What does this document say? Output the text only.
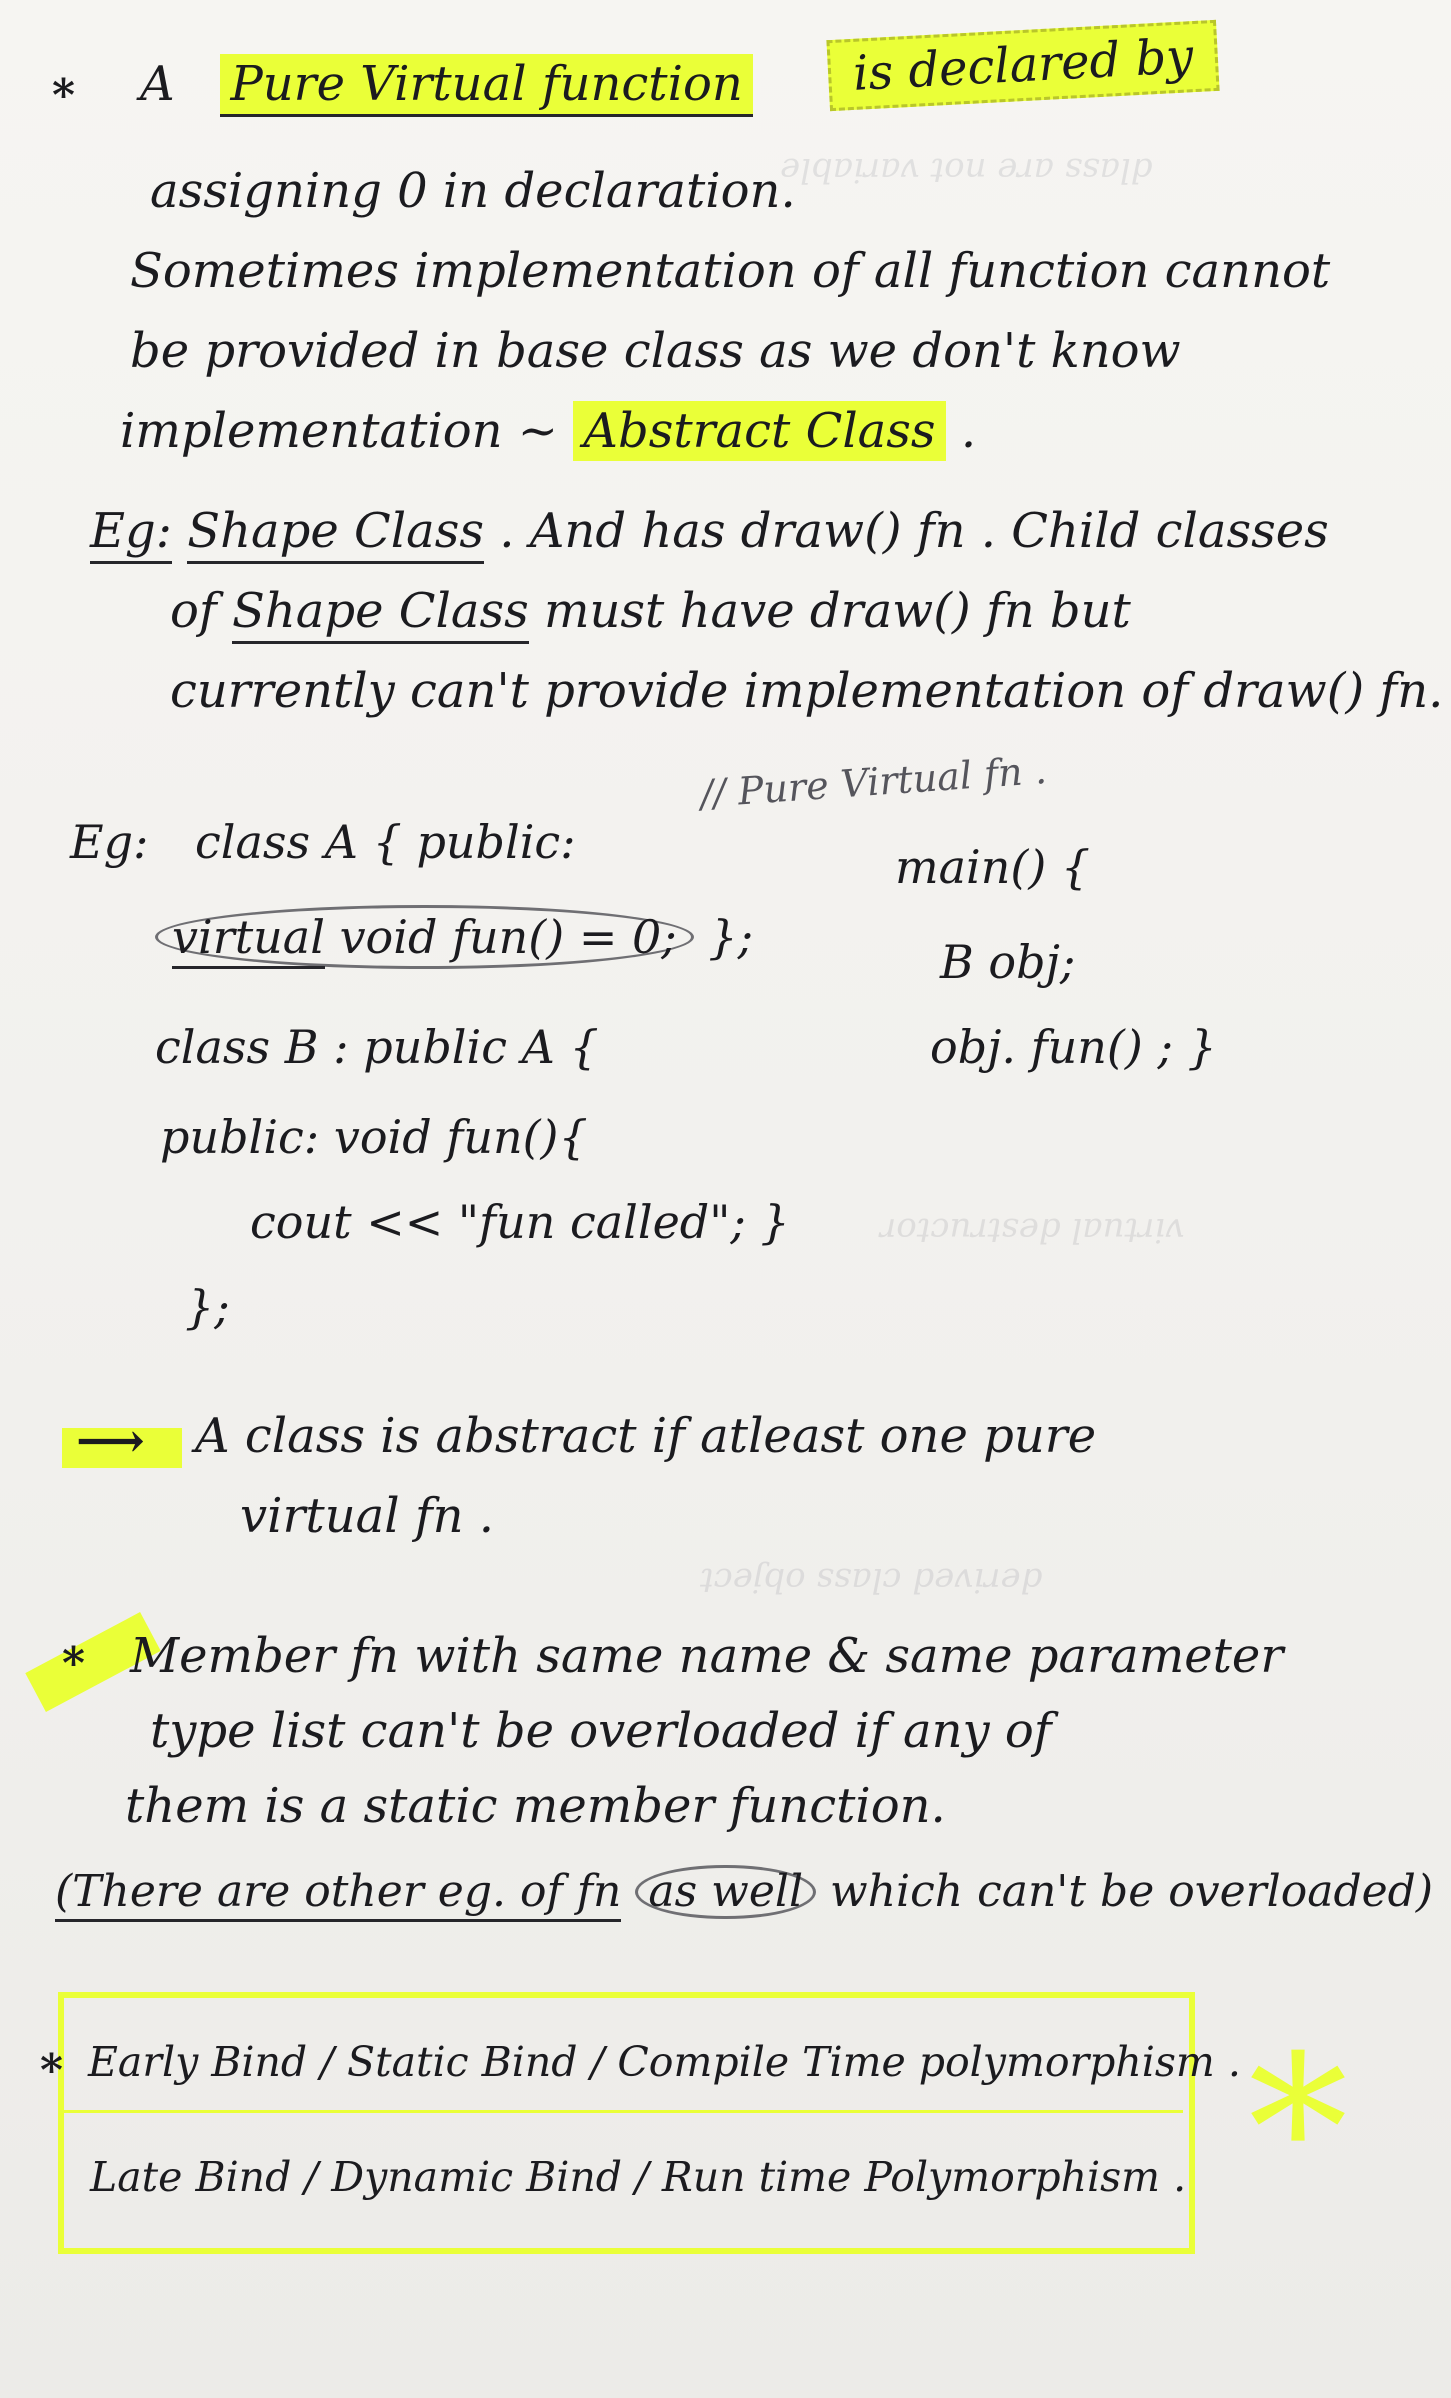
dlass are not variable
virtual destructor
derived class object
* A Pure Virtual function	is declared by
assigning 0 in declaration.
Sometimes implementation of all function cannot
be provided in base class as we don't know
implementation ~ Abstract Class .
Eg: Shape Class . And has draw() fn . Child classes
of Shape Class must have draw() fn but
currently can't provide implementation of draw() fn.
Eg: class A { public:
// Pure Virtual fn .
virtual void fun() = 0; };
class B : public A {
public: void fun(){
cout << "fun called"; }
};
main() {
B obj;
obj. fun() ; }
⟶ A class is abstract if atleast one pure
virtual fn .
* Member fn with same name & same parameter
type list can't be overloaded if any of
them is a static member function.
(There are other eg. of fn as well which can't be overloaded)
* Early Bind / Static Bind / Compile Time polymorphism .
Late Bind / Dynamic Bind / Run time Polymorphism . *
